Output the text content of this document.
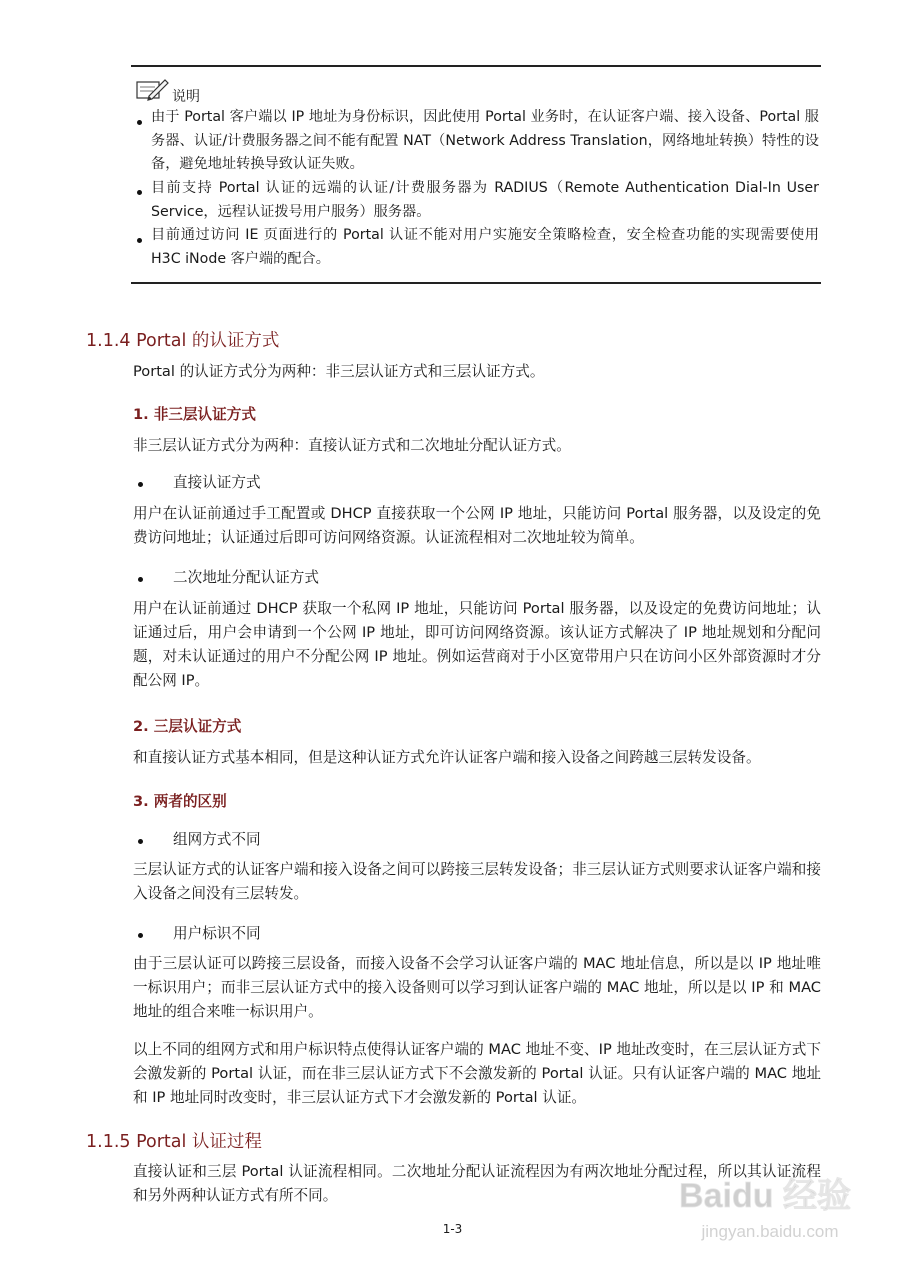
说明
由于 Portal 客户端以 IP 地址为身份标识，因此使用 Portal 业务时，在认证客户端、接入设备、Portal 服务器、认证/计费服务器之间不能有配置 NAT（Network Address Translation，网络地址转换）特性的设备，避免地址转换导致认证失败。
目前支持 Portal 认证的远端的认证/计费服务器为 RADIUS（Remote Authentication Dial-In User Service，远程认证拨号用户服务）服务器。
目前通过访问 IE 页面进行的 Portal 认证不能对用户实施安全策略检查，安全检查功能的实现需要使用 H3C iNode 客户端的配合。
1.1.4 Portal 的认证方式
Portal 的认证方式分为两种：非三层认证方式和三层认证方式。
1. 非三层认证方式
非三层认证方式分为两种：直接认证方式和二次地址分配认证方式。
直接认证方式
用户在认证前通过手工配置或 DHCP 直接获取一个公网 IP 地址，只能访问 Portal 服务器，以及设定的免费访问地址；认证通过后即可访问网络资源。认证流程相对二次地址较为简单。
二次地址分配认证方式
用户在认证前通过 DHCP 获取一个私网 IP 地址，只能访问 Portal 服务器，以及设定的免费访问地址；认证通过后，用户会申请到一个公网 IP 地址，即可访问网络资源。该认证方式解决了 IP 地址规划和分配问题，对未认证通过的用户不分配公网 IP 地址。例如运营商对于小区宽带用户只在访问小区外部资源时才分配公网 IP。
2. 三层认证方式
和直接认证方式基本相同，但是这种认证方式允许认证客户端和接入设备之间跨越三层转发设备。
3. 两者的区别
组网方式不同
三层认证方式的认证客户端和接入设备之间可以跨接三层转发设备；非三层认证方式则要求认证客户端和接入设备之间没有三层转发。
用户标识不同
由于三层认证可以跨接三层设备，而接入设备不会学习认证客户端的 MAC 地址信息，所以是以 IP 地址唯一标识用户；而非三层认证方式中的接入设备则可以学习到认证客户端的 MAC 地址，所以是以 IP 和 MAC 地址的组合来唯一标识用户。
以上不同的组网方式和用户标识特点使得认证客户端的 MAC 地址不变、IP 地址改变时，在三层认证方式下会激发新的 Portal 认证，而在非三层认证方式下不会激发新的 Portal 认证。只有认证客户端的 MAC 地址和 IP 地址同时改变时，非三层认证方式下才会激发新的 Portal 认证。
1.1.5 Portal 认证过程
直接认证和三层 Portal 认证流程相同。二次地址分配认证流程因为有两次地址分配过程，所以其认证流程和另外两种认证方式有所不同。
1-3
Baidu 经验
jingyan.baidu.com
